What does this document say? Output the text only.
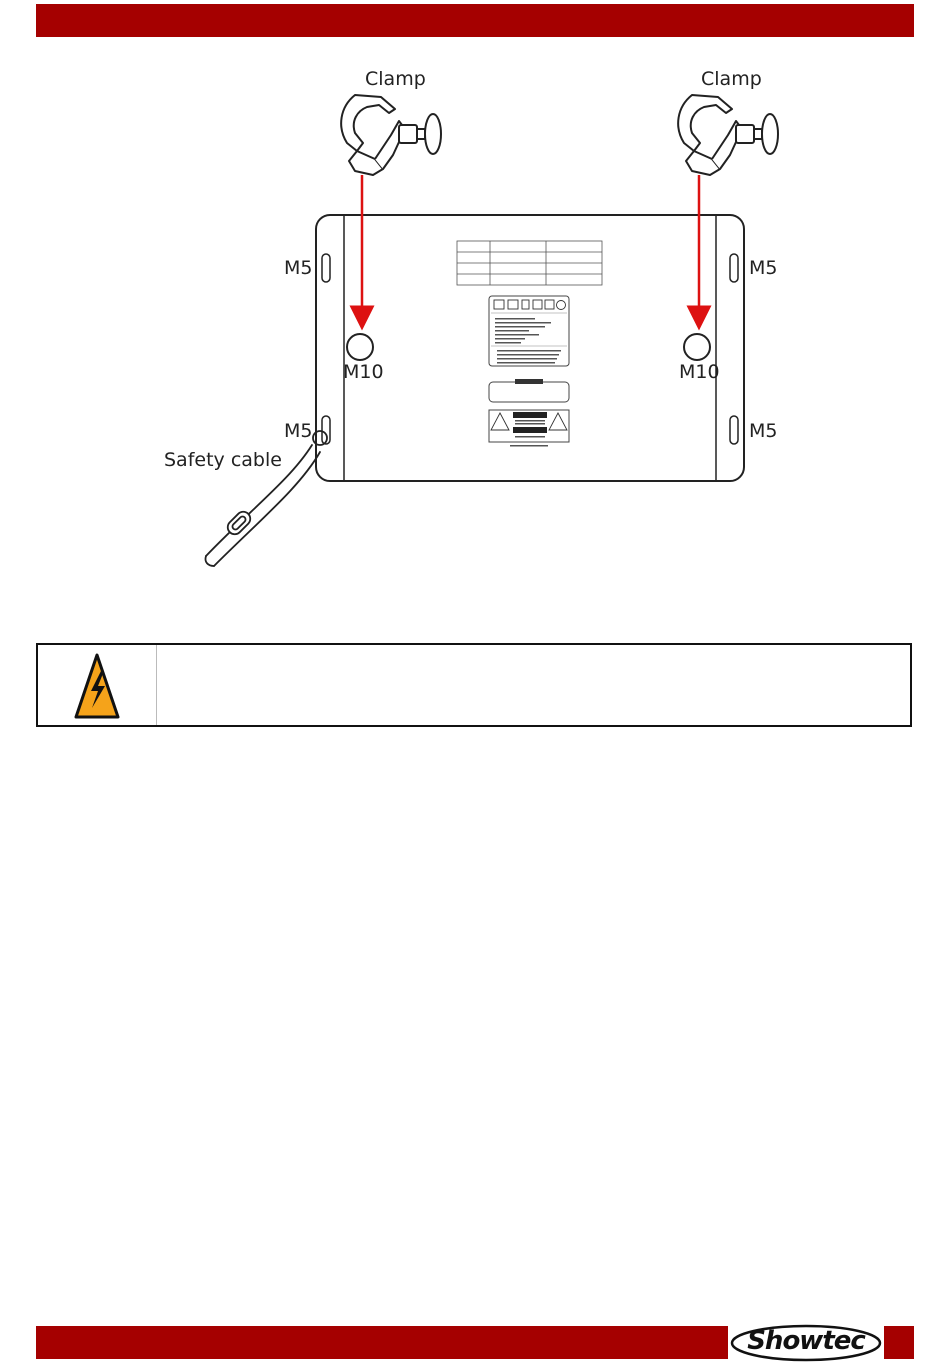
Clamp	Clamp
M5	M5
M5	M5
M10	M10
Safety cable
Showtec
